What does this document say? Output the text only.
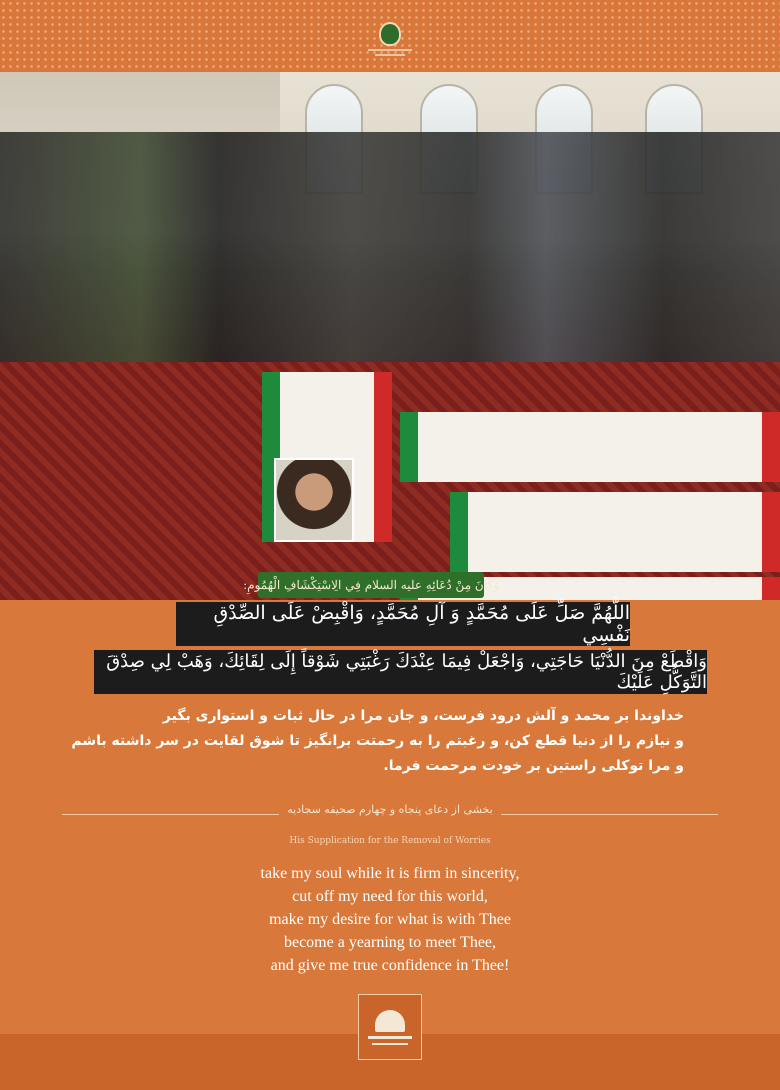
وَكَانَ مِنْ دُعَائِهِ عليه السلام فِي الِاسْتِكْشَافِ الْهُمُومِ:
اللَّهُمَّ صَلِّ عَلَى مُحَمَّدٍ وَ آلِ مُحَمَّدٍ، وَاقْبِضْ عَلَى الصِّدْقِ نَفْسِي
وَاقْطَعْ مِنَ الدُّنْيَا حَاجَتِي، وَاجْعَلْ فِيمَا عِنْدَكَ رَغْبَتِي شَوْقاً إِلَى لِقَائِكَ، وَهَبْ لِي صِدْقَ التَّوَكُّلِ عَلَيْكَ
خداوندا بر محمد و آلش درود فرست، و جان مرا در حال ثبات و استواری بگیر
و نیازم را از دنیا قطع کن، و رغبتم را به رحمتت برانگیز تا شوق لقایت در سر داشته باشم
و مرا توکلی راستین بر خودت مرحمت فرما.
بخشی از دعای پنجاه و چهارم صحیفه سجادیه
His Supplication for the Removal of Worries
take my soul while it is firm in sincerity,
cut off my need for this world,
make my desire for what is with Thee
become a yearning to meet Thee,
and give me true confidence in Thee!
